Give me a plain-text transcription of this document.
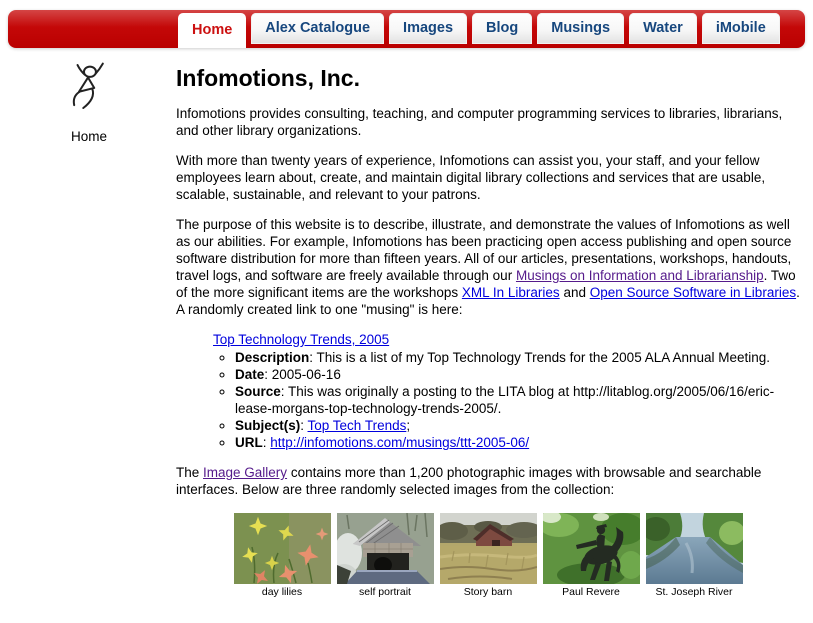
Home	Alex Catalogue	Images	Blog	Musings	Water	iMobile
Home
Infomotions, Inc.

Infomotions provides consulting, teaching, and computer programming services to libraries, librarians, and other library organizations.

With more than twenty years of experience, Infomotions can assist you, your staff, and your fellow employees learn about, create, and maintain digital library collections and services that are usable, scalable, sustainable, and relevant to your patrons.

The purpose of this website is to describe, illustrate, and demonstrate the values of Infomotions as well as our abilities. For example, Infomotions has been practicing open access publishing and open source software distribution for more than fifteen years. All of our articles, presentations, workshops, handouts, travel logs, and software are freely available through our Musings on Information and Librarianship. Two of the more significant items are the workshops XML In Libraries and Open Source Software in Libraries. A randomly created link to one "musing" is here:

Top Technology Trends, 2005
◦ Description: This is a list of my Top Technology Trends for the 2005 ALA Annual Meeting.
◦ Date: 2005-06-16
◦ Source: This was originally a posting to the LITA blog at http://litablog.org/2005/06/16/eric-lease-morgans-top-technology-trends-2005/.
◦ Subject(s): Top Tech Trends;
◦ URL: http://infomotions.com/musings/ttt-2005-06/

The Image Gallery contains more than 1,200 photographic images with browsable and searchable interfaces. Below are three randomly selected images from the collection:

day lilies	self portrait	Story barn	Paul Revere	St. Joseph River
